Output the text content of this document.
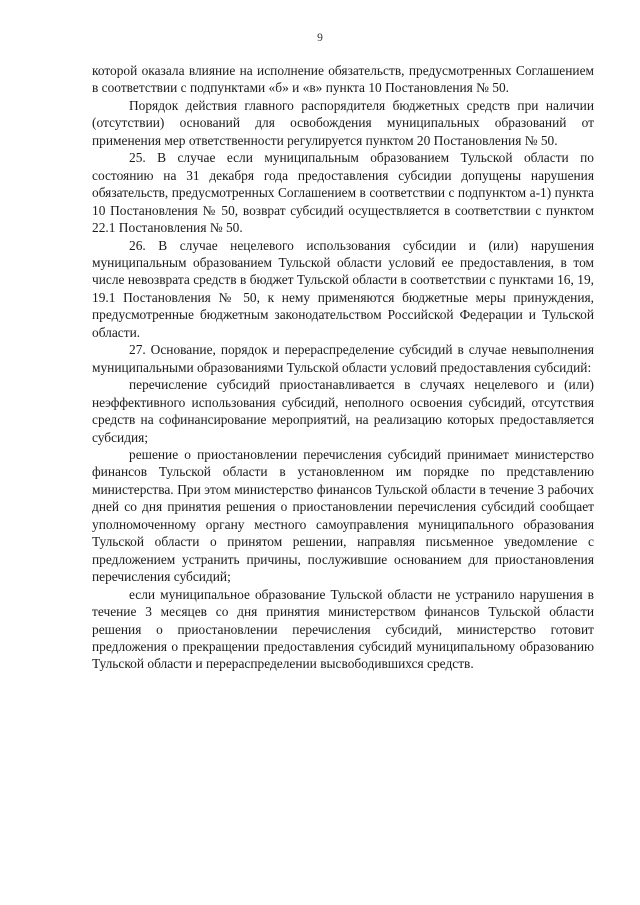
9

которой оказала влияние на исполнение обязательств, предусмотренных Соглашением в соответствии с подпунктами «б» и «в» пункта 10 Постановления № 50.

Порядок действия главного распорядителя бюджетных средств при наличии (отсутствии) оснований для освобождения муниципальных образований от применения мер ответственности регулируется пунктом 20 Постановления № 50.

25. В случае если муниципальным образованием Тульской области по состоянию на 31 декабря года предоставления субсидии допущены нарушения обязательств, предусмотренных Соглашением в соответствии с подпунктом а-1) пункта 10 Постановления № 50, возврат субсидий осуществляется в соответствии с пунктом 22.1 Постановления № 50.

26. В случае нецелевого использования субсидии и (или) нарушения муниципальным образованием Тульской области условий ее предоставления, в том числе невозврата средств в бюджет Тульской области в соответствии с пунктами 16, 19, 19.1 Постановления № 50, к нему применяются бюджетные меры принуждения, предусмотренные бюджетным законодательством Российской Федерации и Тульской области.

27. Основание, порядок и перераспределение субсидий в случае невыполнения муниципальными образованиями Тульской области условий предоставления субсидий:

перечисление субсидий приостанавливается в случаях нецелевого и (или) неэффективного использования субсидий, неполного освоения субсидий, отсутствия средств на софинансирование мероприятий, на реализацию которых предоставляется субсидия;

решение о приостановлении перечисления субсидий принимает министерство финансов Тульской области в установленном им порядке по представлению министерства. При этом министерство финансов Тульской области в течение 3 рабочих дней со дня принятия решения о приостановлении перечисления субсидий сообщает уполномоченному органу местного самоуправления муниципального образования Тульской области о принятом решении, направляя письменное уведомление с предложением устранить причины, послужившие основанием для приостановления перечисления субсидий;

если муниципальное образование Тульской области не устранило нарушения в течение 3 месяцев со дня принятия министерством финансов Тульской области решения о приостановлении перечисления субсидий, министерство готовит предложения о прекращении предоставления субсидий муниципальному образованию Тульской области и перераспределении высвободившихся средств.
